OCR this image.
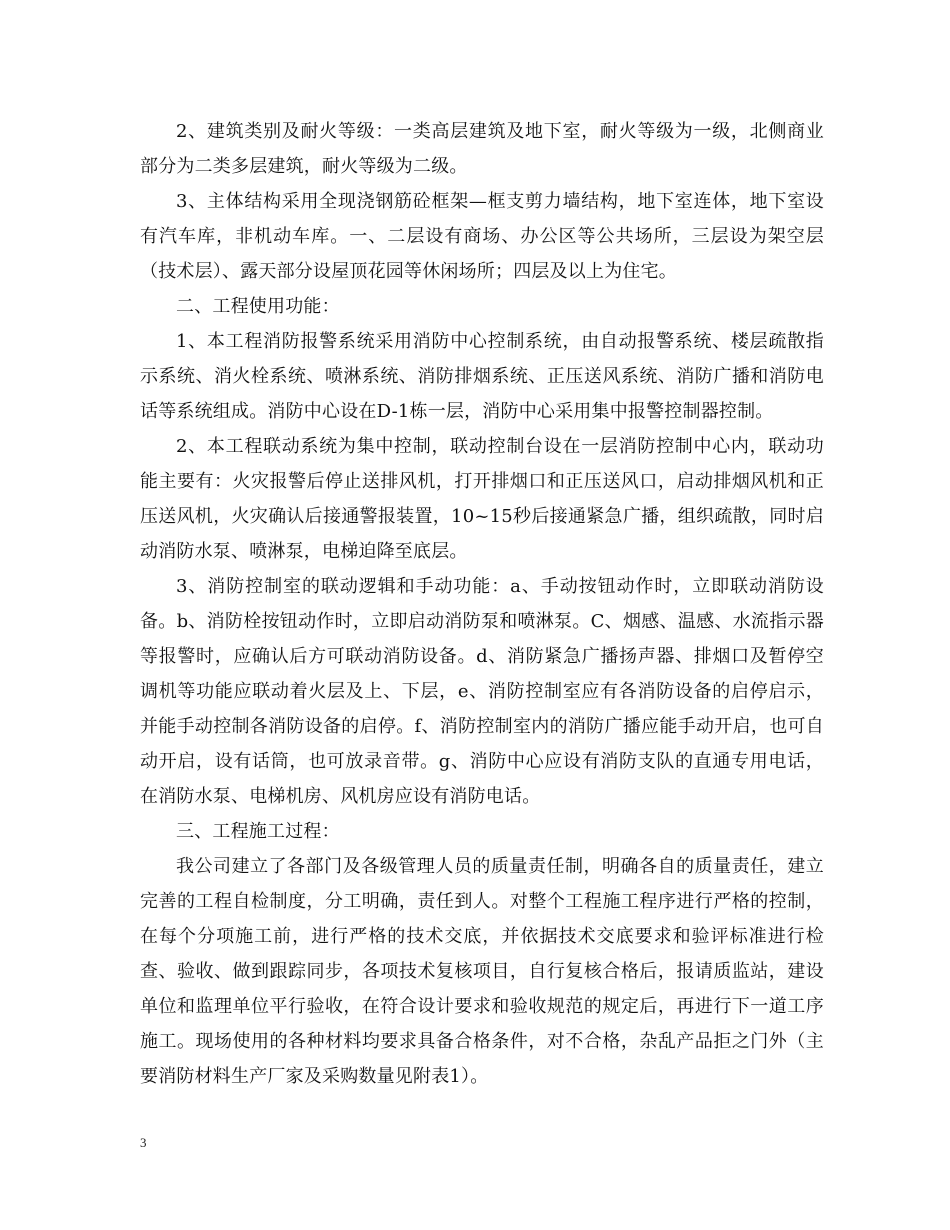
2、建筑类别及耐火等级：一类高层建筑及地下室，耐火等级为一级，北侧商业部分为二类多层建筑，耐火等级为二级。

3、主体结构采用全现浇钢筋砼框架—框支剪力墙结构，地下室连体，地下室设有汽车库，非机动车库。一、二层设有商场、办公区等公共场所，三层设为架空层（技术层）、露天部分设屋顶花园等休闲场所；四层及以上为住宅。

二、工程使用功能：

1、本工程消防报警系统采用消防中心控制系统，由自动报警系统、楼层疏散指示系统、消火栓系统、喷淋系统、消防排烟系统、正压送风系统、消防广播和消防电话等系统组成。消防中心设在D-1栋一层，消防中心采用集中报警控制器控制。

2、本工程联动系统为集中控制，联动控制台设在一层消防控制中心内，联动功能主要有：火灾报警后停止送排风机，打开排烟口和正压送风口，启动排烟风机和正压送风机，火灾确认后接通警报装置，10~15秒后接通紧急广播，组织疏散，同时启动消防水泵、喷淋泵，电梯迫降至底层。

3、消防控制室的联动逻辑和手动功能：a、手动按钮动作时，立即联动消防设备。b、消防栓按钮动作时，立即启动消防泵和喷淋泵。C、烟感、温感、水流指示器等报警时，应确认后方可联动消防设备。d、消防紧急广播扬声器、排烟口及暂停空调机等功能应联动着火层及上、下层，e、消防控制室应有各消防设备的启停启示，并能手动控制各消防设备的启停。f、消防控制室内的消防广播应能手动开启，也可自动开启，设有话筒，也可放录音带。g、消防中心应设有消防支队的直通专用电话，在消防水泵、电梯机房、风机房应设有消防电话。

三、工程施工过程：

我公司建立了各部门及各级管理人员的质量责任制，明确各自的质量责任，建立完善的工程自检制度，分工明确，责任到人。对整个工程施工程序进行严格的控制，在每个分项施工前，进行严格的技术交底，并依据技术交底要求和验评标准进行检查、验收、做到跟踪同步，各项技术复核项目，自行复核合格后，报请质监站，建设单位和监理单位平行验收，在符合设计要求和验收规范的规定后，再进行下一道工序施工。现场使用的各种材料均要求具备合格条件，对不合格，杂乱产品拒之门外（主要消防材料生产厂家及采购数量见附表1）。

3
